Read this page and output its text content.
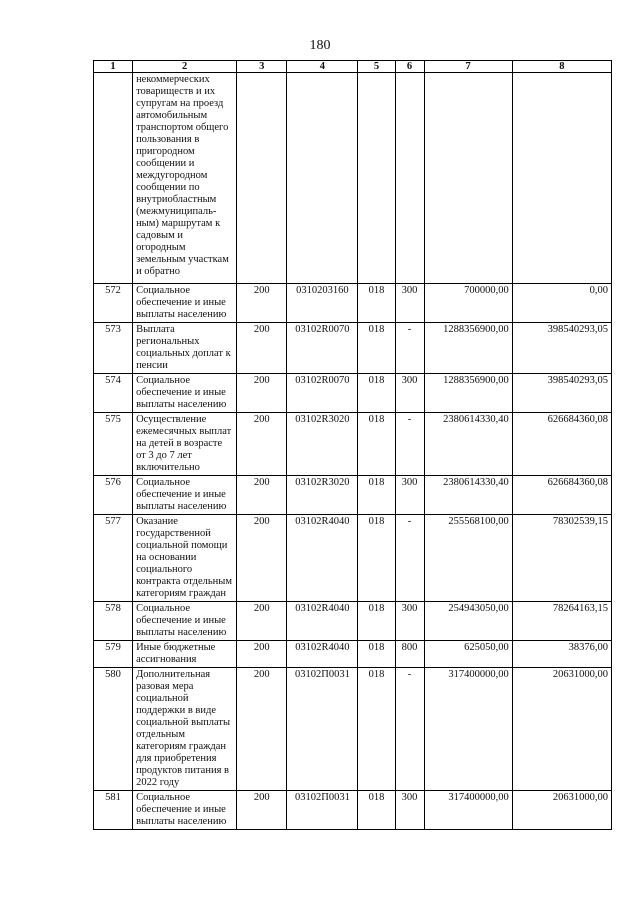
180
1	2	3	4	5	6	7	8
	некоммерческих товариществ и их супругам на проезд автомобильным транспортом общего пользования в пригородном сообщении и междугородном сообщении по внутриобластным (межмуниципаль-ным) маршрутам к садовым и огородным земельным участкам и обратно						
572	Социальное обеспечение и иные выплаты населению	200	0310203160	018	300	700000,00	0,00
573	Выплата региональных социальных доплат к пенсии	200	03102R0070	018	-	1288356900,00	398540293,05
574	Социальное обеспечение и иные выплаты населению	200	03102R0070	018	300	1288356900,00	398540293,05
575	Осуществление ежемесячных выплат на детей в возрасте от 3 до 7 лет включительно	200	03102R3020	018	-	2380614330,40	626684360,08
576	Социальное обеспечение и иные выплаты населению	200	03102R3020	018	300	2380614330,40	626684360,08
577	Оказание государственной социальной помощи на основании социального контракта отдельным категориям граждан	200	03102R4040	018	-	255568100,00	78302539,15
578	Социальное обеспечение и иные выплаты населению	200	03102R4040	018	300	254943050,00	78264163,15
579	Иные бюджетные ассигнования	200	03102R4040	018	800	625050,00	38376,00
580	Дополнительная разовая мера социальной поддержки в виде социальной выплаты отдельным категориям граждан для приобретения продуктов питания в 2022 году	200	03102П0031	018	-	317400000,00	20631000,00
581	Социальное обеспечение и иные выплаты населению	200	03102П0031	018	300	317400000,00	20631000,00
